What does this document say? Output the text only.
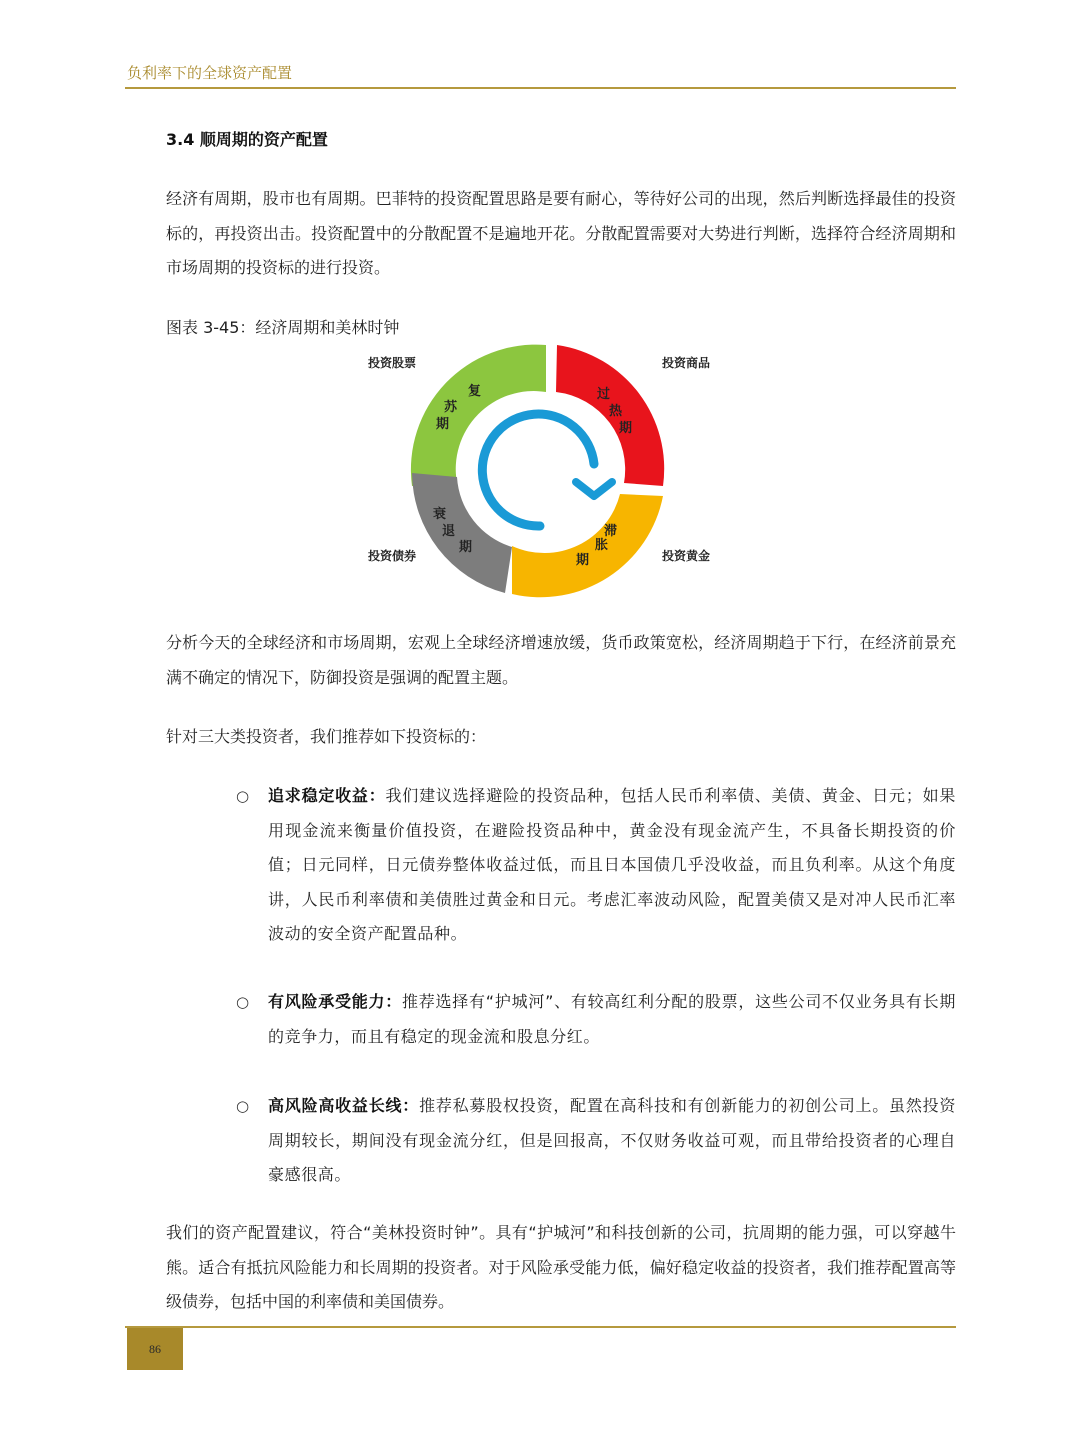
负利率下的全球资产配置
3.4 顺周期的资产配置

经济有周期，股市也有周期。巴菲特的投资配置思路是要有耐心，等待好公司的出现，然后判断选择最佳的投资标的，再投资出击。投资配置中的分散配置不是遍地开花。分散配置需要对大势进行判断，选择符合经济周期和市场周期的投资标的进行投资。

图表 3-45：经济周期和美林时钟
投资股票	投资商品
投资债券	投资黄金
复
苏
期
过
热
期
滞
胀
期
衰
退
期

分析今天的全球经济和市场周期，宏观上全球经济增速放缓，货币政策宽松，经济周期趋于下行，在经济前景充满不确定的情况下，防御投资是强调的配置主题。

针对三大类投资者，我们推荐如下投资标的：

○ 追求稳定收益：我们建议选择避险的投资品种，包括人民币利率债、美债、黄金、日元；如果用现金流来衡量价值投资，在避险投资品种中，黄金没有现金流产生，不具备长期投资的价值；日元同样，日元债券整体收益过低，而且日本国债几乎没收益，而且负利率。从这个角度讲，人民币利率债和美债胜过黄金和日元。考虑汇率波动风险，配置美债又是对冲人民币汇率波动的安全资产配置品种。

○ 有风险承受能力：推荐选择有“护城河”、有较高红利分配的股票，这些公司不仅业务具有长期的竞争力，而且有稳定的现金流和股息分红。

○ 高风险高收益长线：推荐私募股权投资，配置在高科技和有创新能力的初创公司上。虽然投资周期较长，期间没有现金流分红，但是回报高，不仅财务收益可观，而且带给投资者的心理自豪感很高。

我们的资产配置建议，符合“美林投资时钟”。具有“护城河”和科技创新的公司，抗周期的能力强，可以穿越牛熊。适合有抵抗风险能力和长周期的投资者。对于风险承受能力低，偏好稳定收益的投资者，我们推荐配置高等级债券，包括中国的利率债和美国债券。

86
